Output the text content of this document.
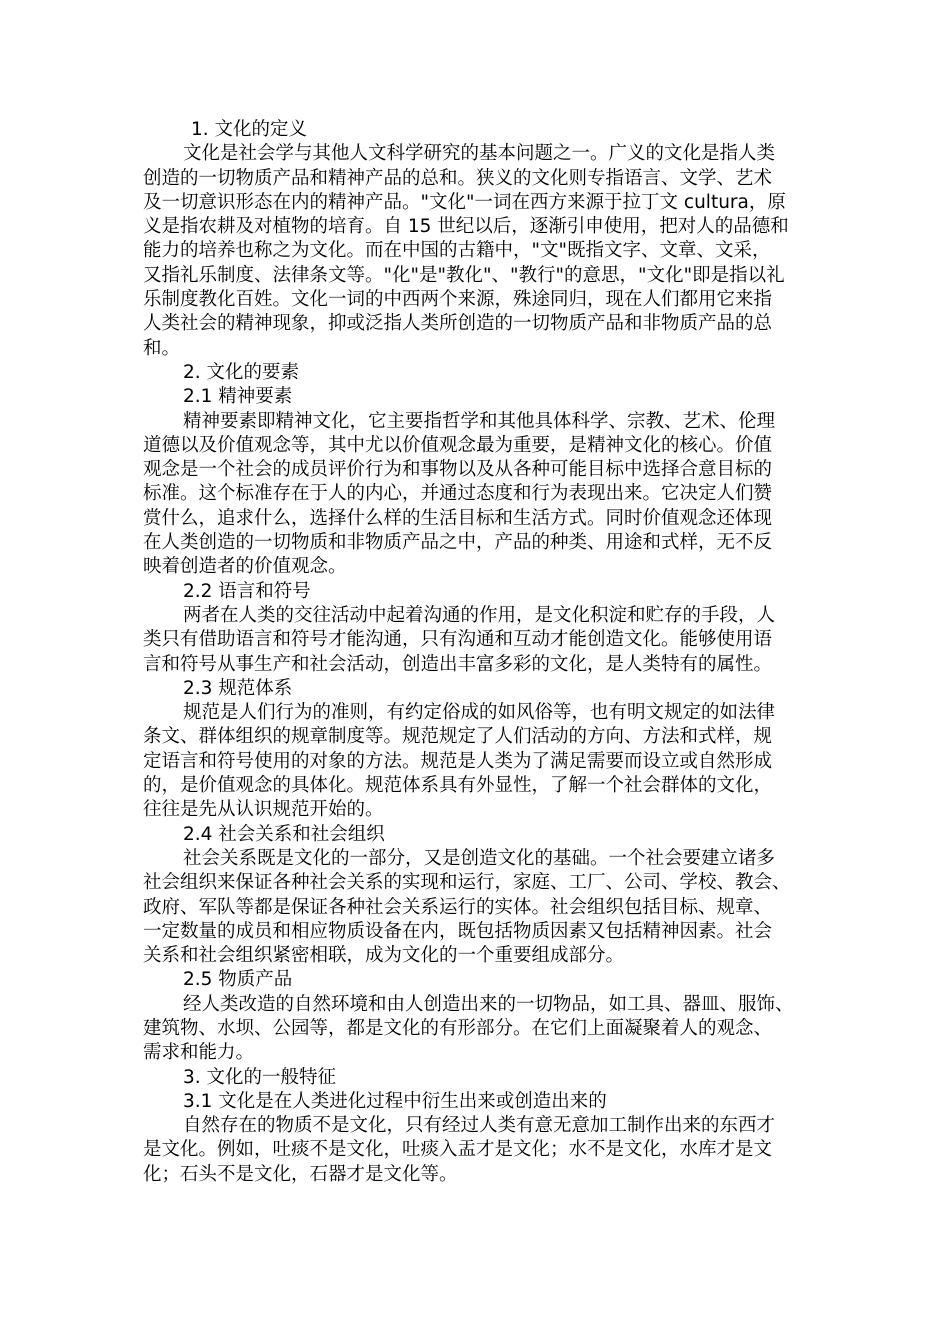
1. 文化的定义
文化是社会学与其他人文科学研究的基本问题之一。广义的文化是指人类
创造的一切物质产品和精神产品的总和。狭义的文化则专指语言、文学、艺术
及一切意识形态在内的精神产品。"文化"一词在西方来源于拉丁文 cultura，原
义是指农耕及对植物的培育。自 15 世纪以后，逐渐引申使用，把对人的品德和
能力的培养也称之为文化。而在中国的古籍中，"文"既指文字、文章、文采，
又指礼乐制度、法律条文等。"化"是"教化"、"教行"的意思，"文化"即是指以礼
乐制度教化百姓。文化一词的中西两个来源，殊途同归，现在人们都用它来指
人类社会的精神现象，抑或泛指人类所创造的一切物质产品和非物质产品的总
和。
2. 文化的要素
2.1 精神要素
精神要素即精神文化，它主要指哲学和其他具体科学、宗教、艺术、伦理
道德以及价值观念等，其中尤以价值观念最为重要，是精神文化的核心。价值
观念是一个社会的成员评价行为和事物以及从各种可能目标中选择合意目标的
标准。这个标准存在于人的内心，并通过态度和行为表现出来。它决定人们赞
赏什么，追求什么，选择什么样的生活目标和生活方式。同时价值观念还体现
在人类创造的一切物质和非物质产品之中，产品的种类、用途和式样，无不反
映着创造者的价值观念。
2.2 语言和符号
两者在人类的交往活动中起着沟通的作用，是文化积淀和贮存的手段，人
类只有借助语言和符号才能沟通，只有沟通和互动才能创造文化。能够使用语
言和符号从事生产和社会活动，创造出丰富多彩的文化，是人类特有的属性。
2.3 规范体系
规范是人们行为的准则，有约定俗成的如风俗等，也有明文规定的如法律
条文、群体组织的规章制度等。规范规定了人们活动的方向、方法和式样，规
定语言和符号使用的对象的方法。规范是人类为了满足需要而设立或自然形成
的，是价值观念的具体化。规范体系具有外显性，了解一个社会群体的文化，
往往是先从认识规范开始的。
2.4 社会关系和社会组织
社会关系既是文化的一部分，又是创造文化的基础。一个社会要建立诸多
社会组织来保证各种社会关系的实现和运行，家庭、工厂、公司、学校、教会、
政府、军队等都是保证各种社会关系运行的实体。社会组织包括目标、规章、
一定数量的成员和相应物质设备在内，既包括物质因素又包括精神因素。社会
关系和社会组织紧密相联，成为文化的一个重要组成部分。
2.5 物质产品
经人类改造的自然环境和由人创造出来的一切物品，如工具、器皿、服饰、
建筑物、水坝、公园等，都是文化的有形部分。在它们上面凝聚着人的观念、
需求和能力。
3. 文化的一般特征
3.1 文化是在人类进化过程中衍生出来或创造出来的
自然存在的物质不是文化，只有经过人类有意无意加工制作出来的东西才
是文化。例如，吐痰不是文化，吐痰入盂才是文化；水不是文化，水库才是文
化；石头不是文化，石器才是文化等。
